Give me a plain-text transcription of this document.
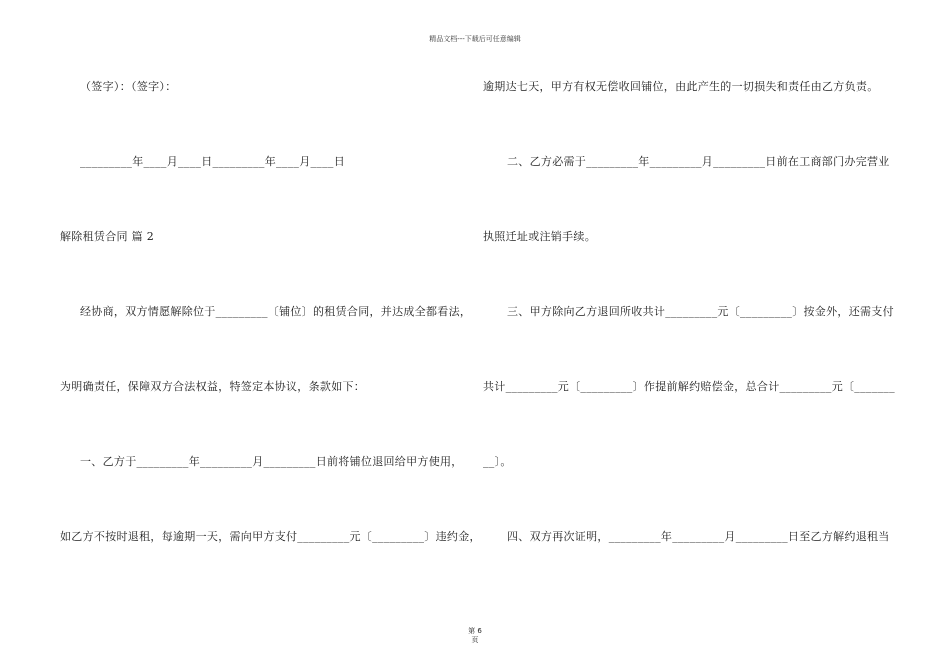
精品文档---下载后可任意编辑
（签字）：（签字）：
_________年____月____日_________年____月____日
解除租赁合同 篇 2
经协商，双方情愿解除位于_________〔铺位〕的租赁合同，并达成全都看法，
为明确责任，保障双方合法权益，特签定本协议，条款如下：
一、乙方于_________年_________月_________日前将铺位退回给甲方使用，
如乙方不按时退租，每逾期一天，需向甲方支付_________元〔_________〕违约金，
逾期达七天，甲方有权无偿收回铺位，由此产生的一切损失和责任由乙方负责。
二、乙方必需于_________年_________月_________日前在工商部门办完营业
执照迁址或注销手续。
三、甲方除向乙方退回所收共计_________元〔_________〕按金外，还需支付
共计_________元〔_________〕作提前解约赔偿金，总合计_________元〔_______
__〕。
四、双方再次证明，_________年_________月_________日至乙方解约退租当
第 6
页
